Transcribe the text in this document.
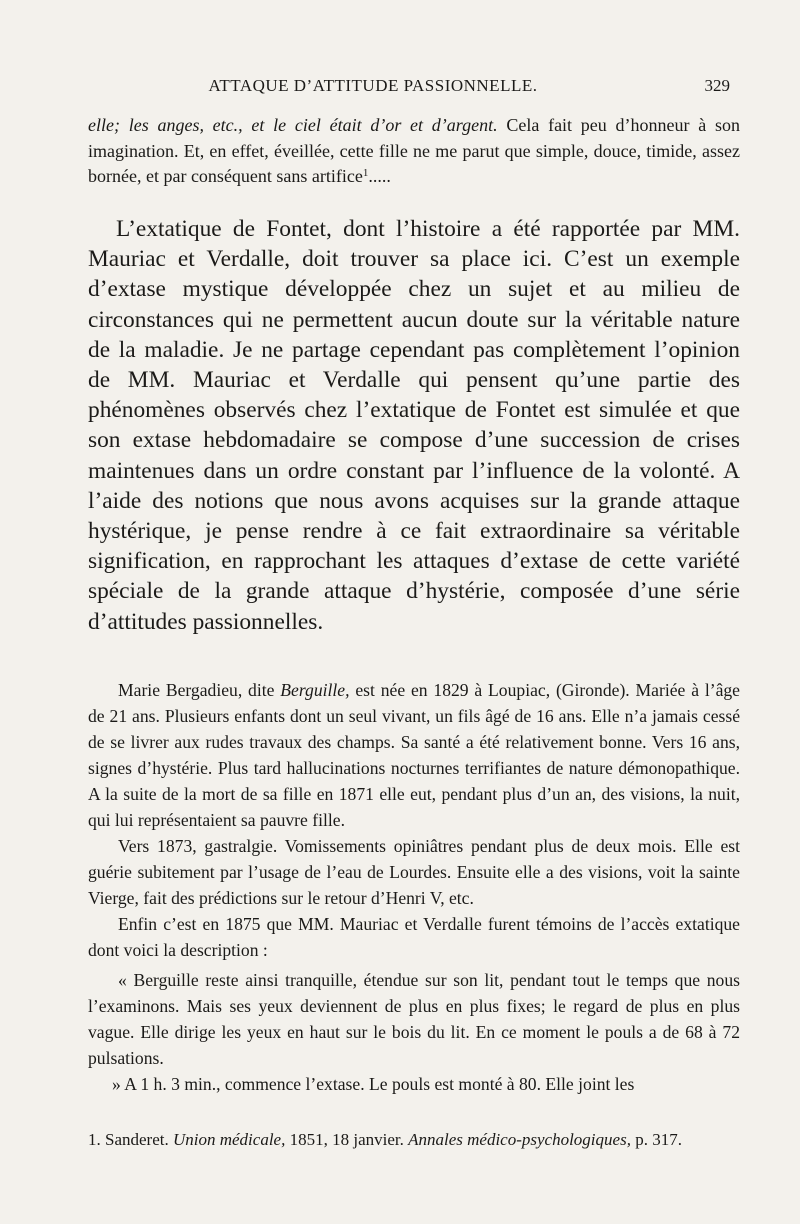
ATTAQUE D’ATTITUDE PASSIONNELLE.	329

elle; les anges, etc., et le ciel était d’or et d’argent. Cela fait peu d’honneur à son imagination. Et, en effet, éveillée, cette fille ne me parut que simple, douce, timide, assez bornée, et par conséquent sans artifice$^1$.....

L’extatique de Fontet, dont l’histoire a été rapportée par MM. Mauriac et Verdalle, doit trouver sa place ici. C’est un exemple d’extase mystique développée chez un sujet et au milieu de circonstances qui ne permettent aucun doute sur la véritable nature de la maladie. Je ne partage cependant pas complètement l’opinion de MM. Mauriac et Verdalle qui pensent qu’une partie des phénomènes observés chez l’extatique de Fontet est simulée et que son extase hebdomadaire se compose d’une succession de crises maintenues dans un ordre constant par l’influence de la volonté. A l’aide des notions que nous avons acquises sur la grande attaque hystérique, je pense rendre à ce fait extraordinaire sa véritable signification, en rapprochant les attaques d’extase de cette variété spéciale de la grande attaque d’hystérie, composée d’une série d’attitudes passionnelles.

Marie Bergadieu, dite Berguille, est née en 1829 à Loupiac, (Gironde). Mariée à l’âge de 21 ans. Plusieurs enfants dont un seul vivant, un fils âgé de 16 ans. Elle n’a jamais cessé de se livrer aux rudes travaux des champs. Sa santé a été relativement bonne. Vers 16 ans, signes d’hystérie. Plus tard hallucinations nocturnes terrifiantes de nature démonopathique. A la suite de la mort de sa fille en 1871 elle eut, pendant plus d’un an, des visions, la nuit, qui lui représentaient sa pauvre fille.

Vers 1873, gastralgie. Vomissements opiniâtres pendant plus de deux mois. Elle est guérie subitement par l’usage de l’eau de Lourdes. Ensuite elle a des visions, voit la sainte Vierge, fait des prédictions sur le retour d’Henri V, etc.

Enfin c’est en 1875 que MM. Mauriac et Verdalle furent témoins de l’accès extatique dont voici la description :

« Berguille reste ainsi tranquille, étendue sur son lit, pendant tout le temps que nous l’examinons. Mais ses yeux deviennent de plus en plus fixes; le regard de plus en plus vague. Elle dirige les yeux en haut sur le bois du lit. En ce moment le pouls a de 68 à 72 pulsations.

» A 1 h. 3 min., commence l’extase. Le pouls est monté à 80. Elle joint les

1. Sanderet. Union médicale, 1851, 18 janvier. Annales médico-psychologiques, p. 317.
